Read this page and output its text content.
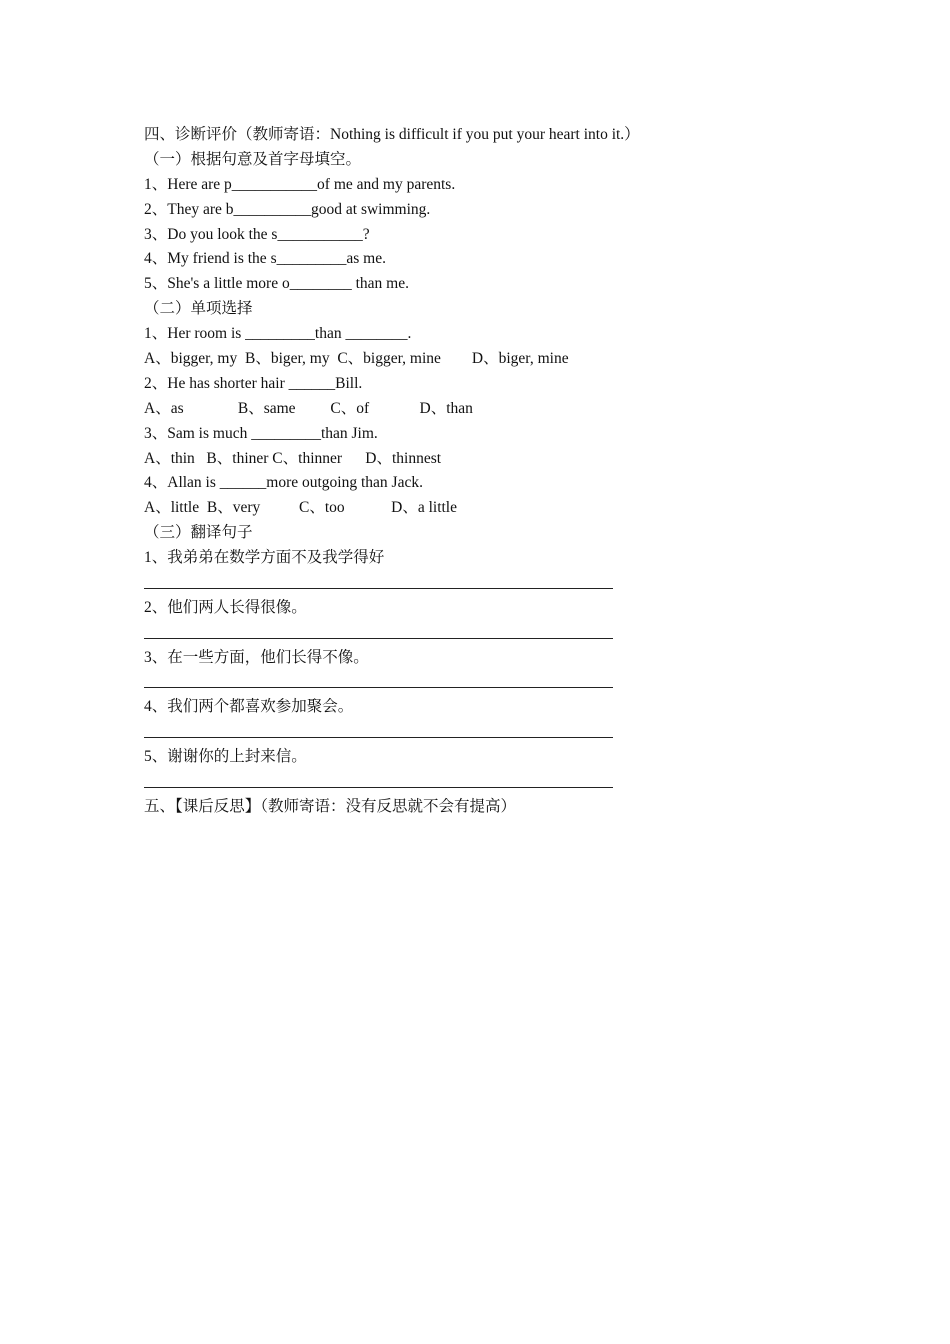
四、诊断评价（教师寄语：Nothing is difficult if you put your heart into it.）
（一）根据句意及首字母填空。
1、Here are p___________of me and my parents.
2、They are b__________good at swimming.
3、Do you look the s___________?
4、My friend is the s_________as me.
5、She's a little more o________ than me.
（二）单项选择
1、Her room is _________than ________.
A、bigger, my  B、biger, my  C、bigger, mine        D、biger, mine
2、He has shorter hair ______Bill.
A、as              B、same         C、of             D、than
3、Sam is much _________than Jim.
A、thin   B、thiner C、thinner      D、thinnest
4、Allan is ______more outgoing than Jack.
A、little  B、very          C、too            D、a little
（三）翻译句子
1、我弟弟在数学方面不及我学得好
2、他们两人长得很像。
3、在一些方面，他们长得不像。
4、我们两个都喜欢参加聚会。
5、谢谢你的上封来信。
五、【课后反思】（教师寄语：没有反思就不会有提高）
